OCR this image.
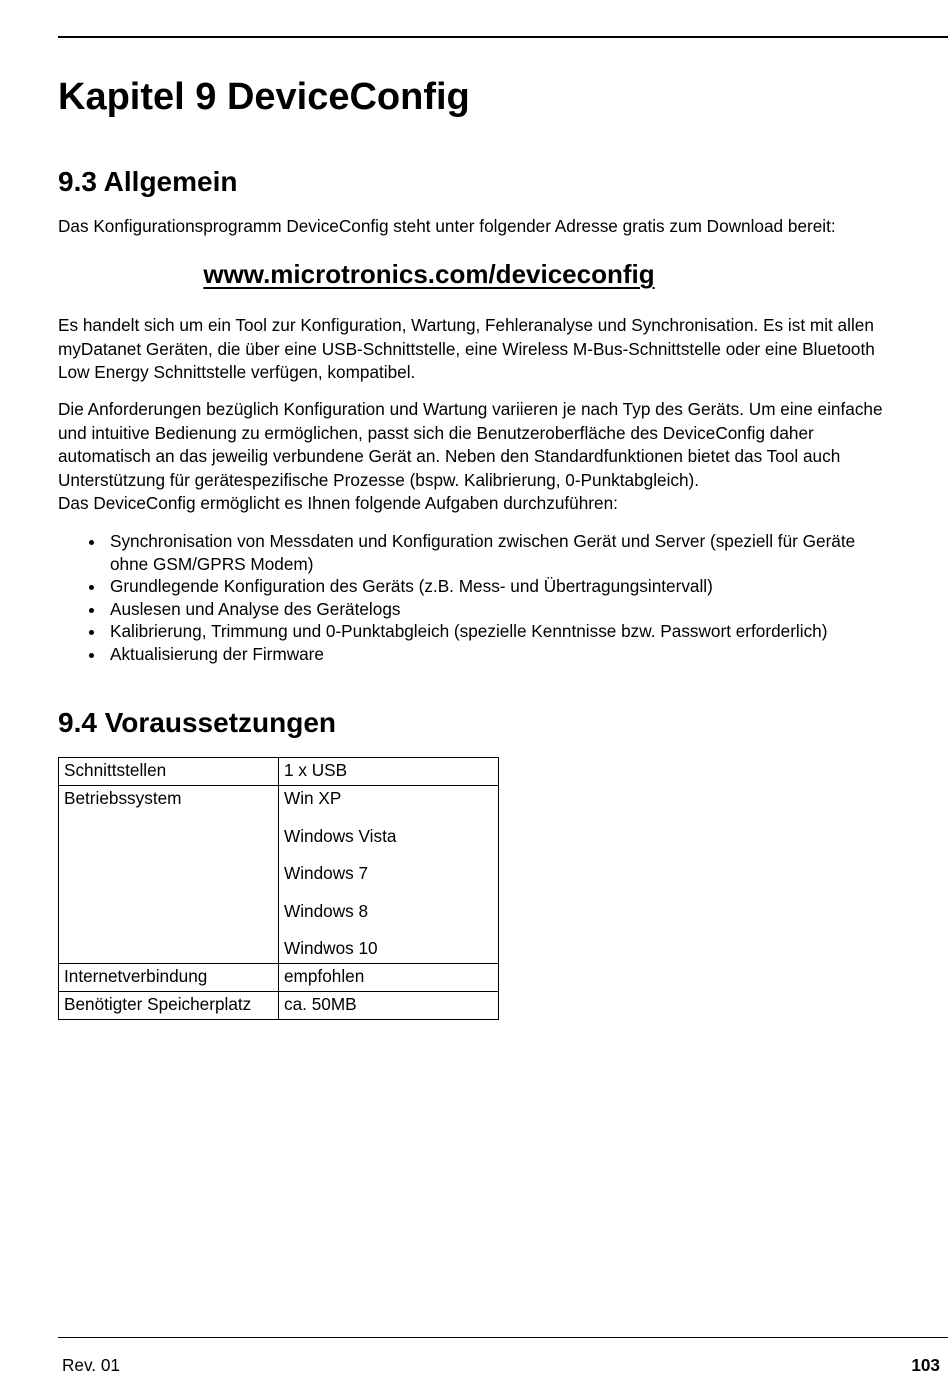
Kapitel 9 DeviceConfig
9.3 Allgemein

Das Konfigurationsprogramm DeviceConfig steht unter folgender Adresse gratis zum Download bereit:

www.microtronics.com/deviceconfig

Es handelt sich um ein Tool zur Konfiguration, Wartung, Fehleranalyse und Synchronisation. Es ist mit allen
myDatanet Geräten, die über eine USB-Schnittstelle, eine Wireless M-Bus-Schnittstelle oder eine Bluetooth
Low Energy Schnittstelle verfügen, kompatibel.

Die Anforderungen bezüglich Konfiguration und Wartung variieren je nach Typ des Geräts. Um eine einfache
und intuitive Bedienung zu ermöglichen, passt sich die Benutzeroberfläche des DeviceConfig daher
automatisch an das jeweilig verbundene Gerät an. Neben den Standardfunktionen bietet das Tool auch
Unterstützung für gerätespezifische Prozesse (bspw. Kalibrierung, 0-Punktabgleich).
Das DeviceConfig ermöglicht es Ihnen folgende Aufgaben durchzuführen:

Synchronisation von Messdaten und Konfiguration zwischen Gerät und Server (speziell für Geräte
ohne GSM/GPRS Modem)
Grundlegende Konfiguration des Geräts (z.B. Mess- und Übertragungsintervall)
Auslesen und Analyse des Gerätelogs
Kalibrierung, Trimmung und 0-Punktabgleich (spezielle Kenntnisse bzw. Passwort erforderlich)
Aktualisierung der Firmware
9.4 Voraussetzungen
Schnittstellen	1 x USB
Betriebssystem	Win XP
Windows Vista
Windows 7
Windows 8
Windwos 10

Internetverbindung	empfohlen
Benötigter Speicherplatz	ca. 50MB

Rev. 01	103
